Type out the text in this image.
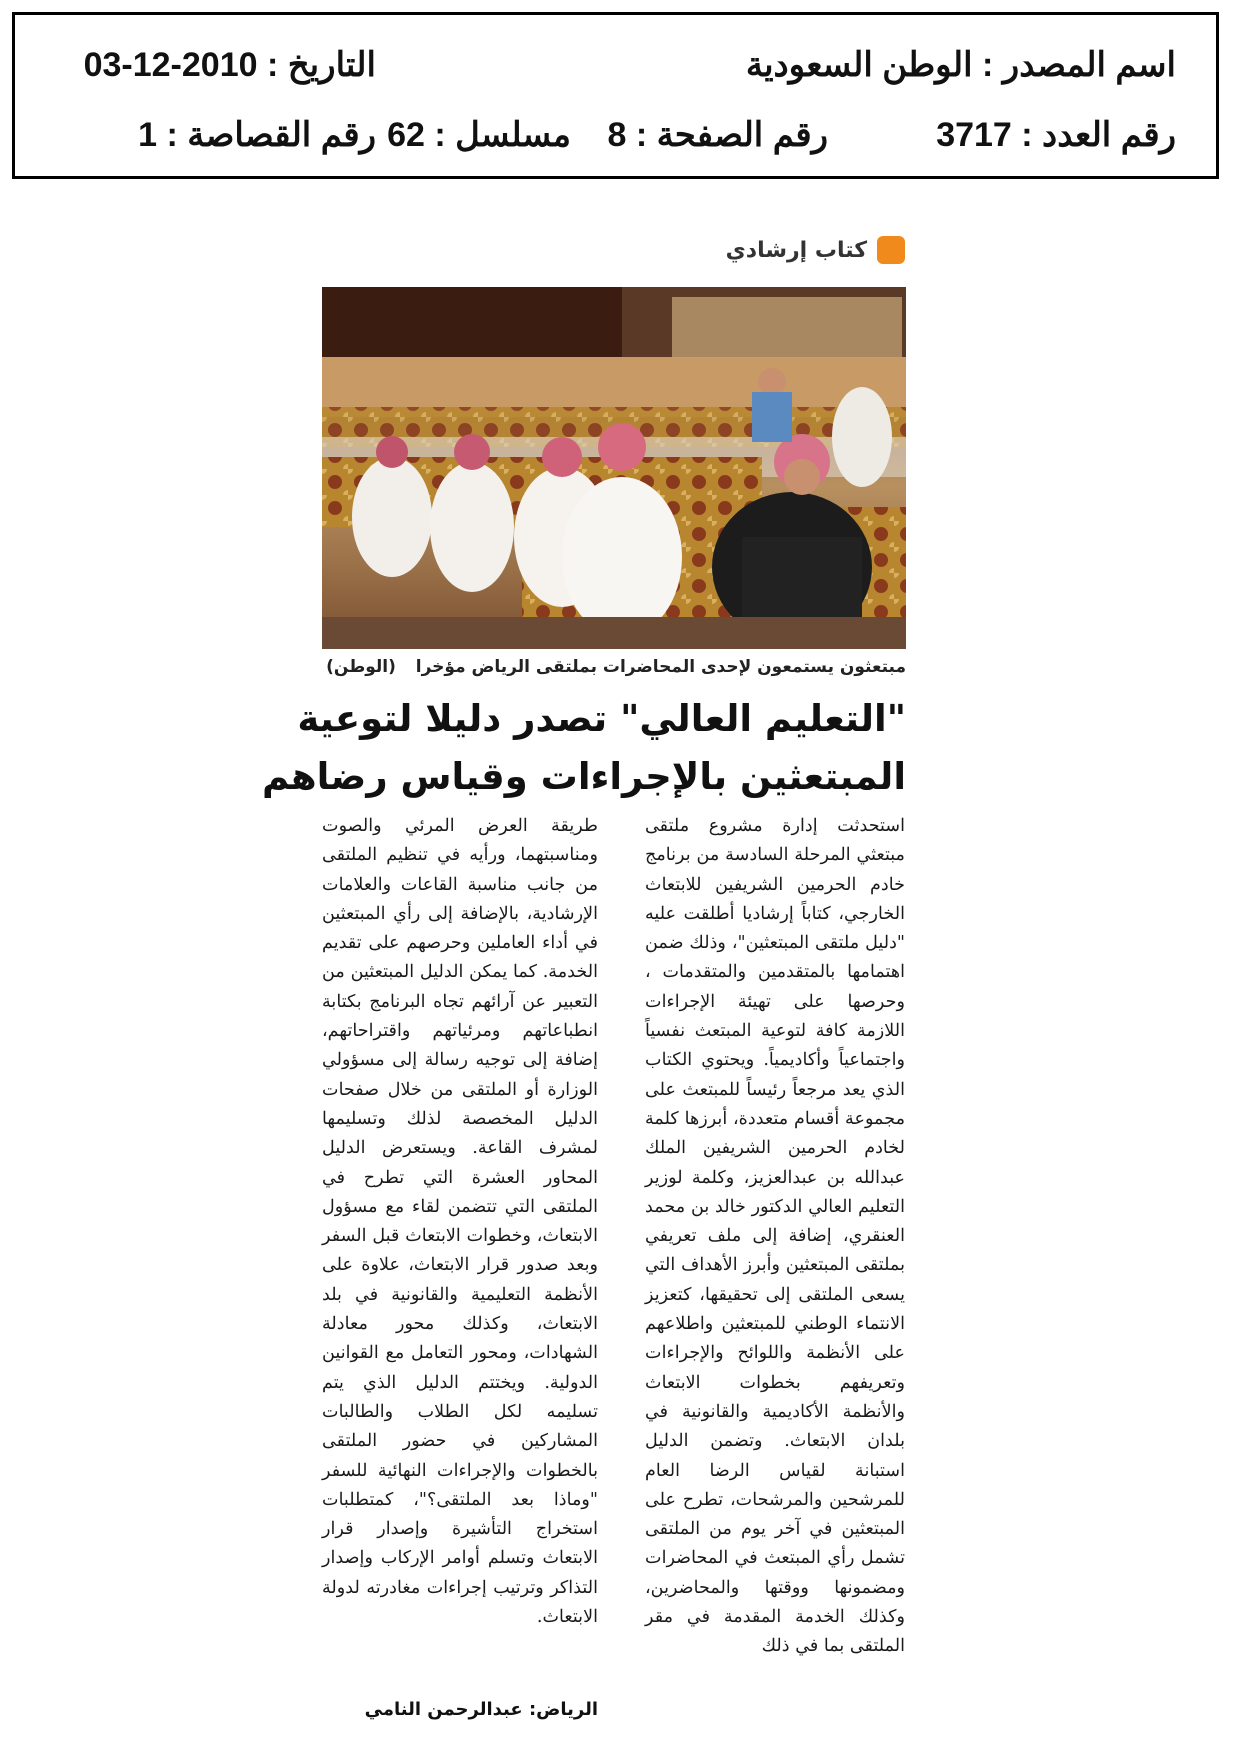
اسم المصدر : الوطن السعودية
التاريخ : 03-12-2010
رقم العدد : 3717
رقم الصفحة : 8
مسلسل : 62
رقم القصاصة : 1
كتاب إرشادي
مبتعثون يستمعون لإحدى المحاضرات بملتقى الرياض مؤخرا (الوطن)
"التعليم العالي" تصدر دليلا لتوعية
المبتعثين بالإجراءات وقياس رضاهم

استحدثت إدارة مشروع ملتقى مبتعثي المرحلة السادسة من برنامج خادم الحرمين الشريفين للابتعاث الخارجي، كتاباً إرشاديا أطلقت عليه "دليل ملتقى المبتعثين"، وذلك ضمن اهتمامها بالمتقدمين والمتقدمات ، وحرصها على تهيئة الإجراءات اللازمة كافة لتوعية المبتعث نفسياً واجتماعياً وأكاديمياً. ويحتوي الكتاب الذي يعد مرجعاً رئيساً للمبتعث على مجموعة أقسام متعددة، أبرزها كلمة لخادم الحرمين الشريفين الملك عبدالله بن عبدالعزيز، وكلمة لوزير التعليم العالي الدكتور خالد بن محمد العنقري، إضافة إلى ملف تعريفي بملتقى المبتعثين وأبرز الأهداف التي يسعى الملتقى إلى تحقيقها، كتعزيز الانتماء الوطني للمبتعثين واطلاعهم على الأنظمة واللوائح والإجراءات وتعريفهم بخطوات الابتعاث والأنظمة الأكاديمية والقانونية في بلدان الابتعاث. وتضمن الدليل استبانة لقياس الرضا العام للمرشحين والمرشحات، تطرح على المبتعثين في آخر يوم من الملتقى تشمل رأي المبتعث في المحاضرات ومضمونها ووقتها والمحاضرين، وكذلك الخدمة المقدمة في مقر الملتقى بما في ذلك

طريقة العرض المرئي والصوت ومناسبتهما، ورأيه في تنظيم الملتقى من جانب مناسبة القاعات والعلامات الإرشادية، بالإضافة إلى رأي المبتعثين في أداء العاملين وحرصهم على تقديم الخدمة. كما يمكن الدليل المبتعثين من التعبير عن آرائهم تجاه البرنامج بكتابة انطباعاتهم ومرئياتهم واقتراحاتهم، إضافة إلى توجيه رسالة إلى مسؤولي الوزارة أو الملتقى من خلال صفحات الدليل المخصصة لذلك وتسليمها لمشرف القاعة. ويستعرض الدليل المحاور العشرة التي تطرح في الملتقى التي تتضمن لقاء مع مسؤول الابتعاث، وخطوات الابتعاث قبل السفر وبعد صدور قرار الابتعاث، علاوة على الأنظمة التعليمية والقانونية في بلد الابتعاث، وكذلك محور معادلة الشهادات، ومحور التعامل مع القوانين الدولية. ويختتم الدليل الذي يتم تسليمه لكل الطلاب والطالبات المشاركين في حضور الملتقى بالخطوات والإجراءات النهائية للسفر "وماذا بعد الملتقى؟"، كمتطلبات استخراج التأشيرة وإصدار قرار الابتعاث وتسلم أوامر الإركاب وإصدار التذاكر وترتيب إجراءات مغادرته لدولة الابتعاث.

الرياض: عبدالرحمن النامي
